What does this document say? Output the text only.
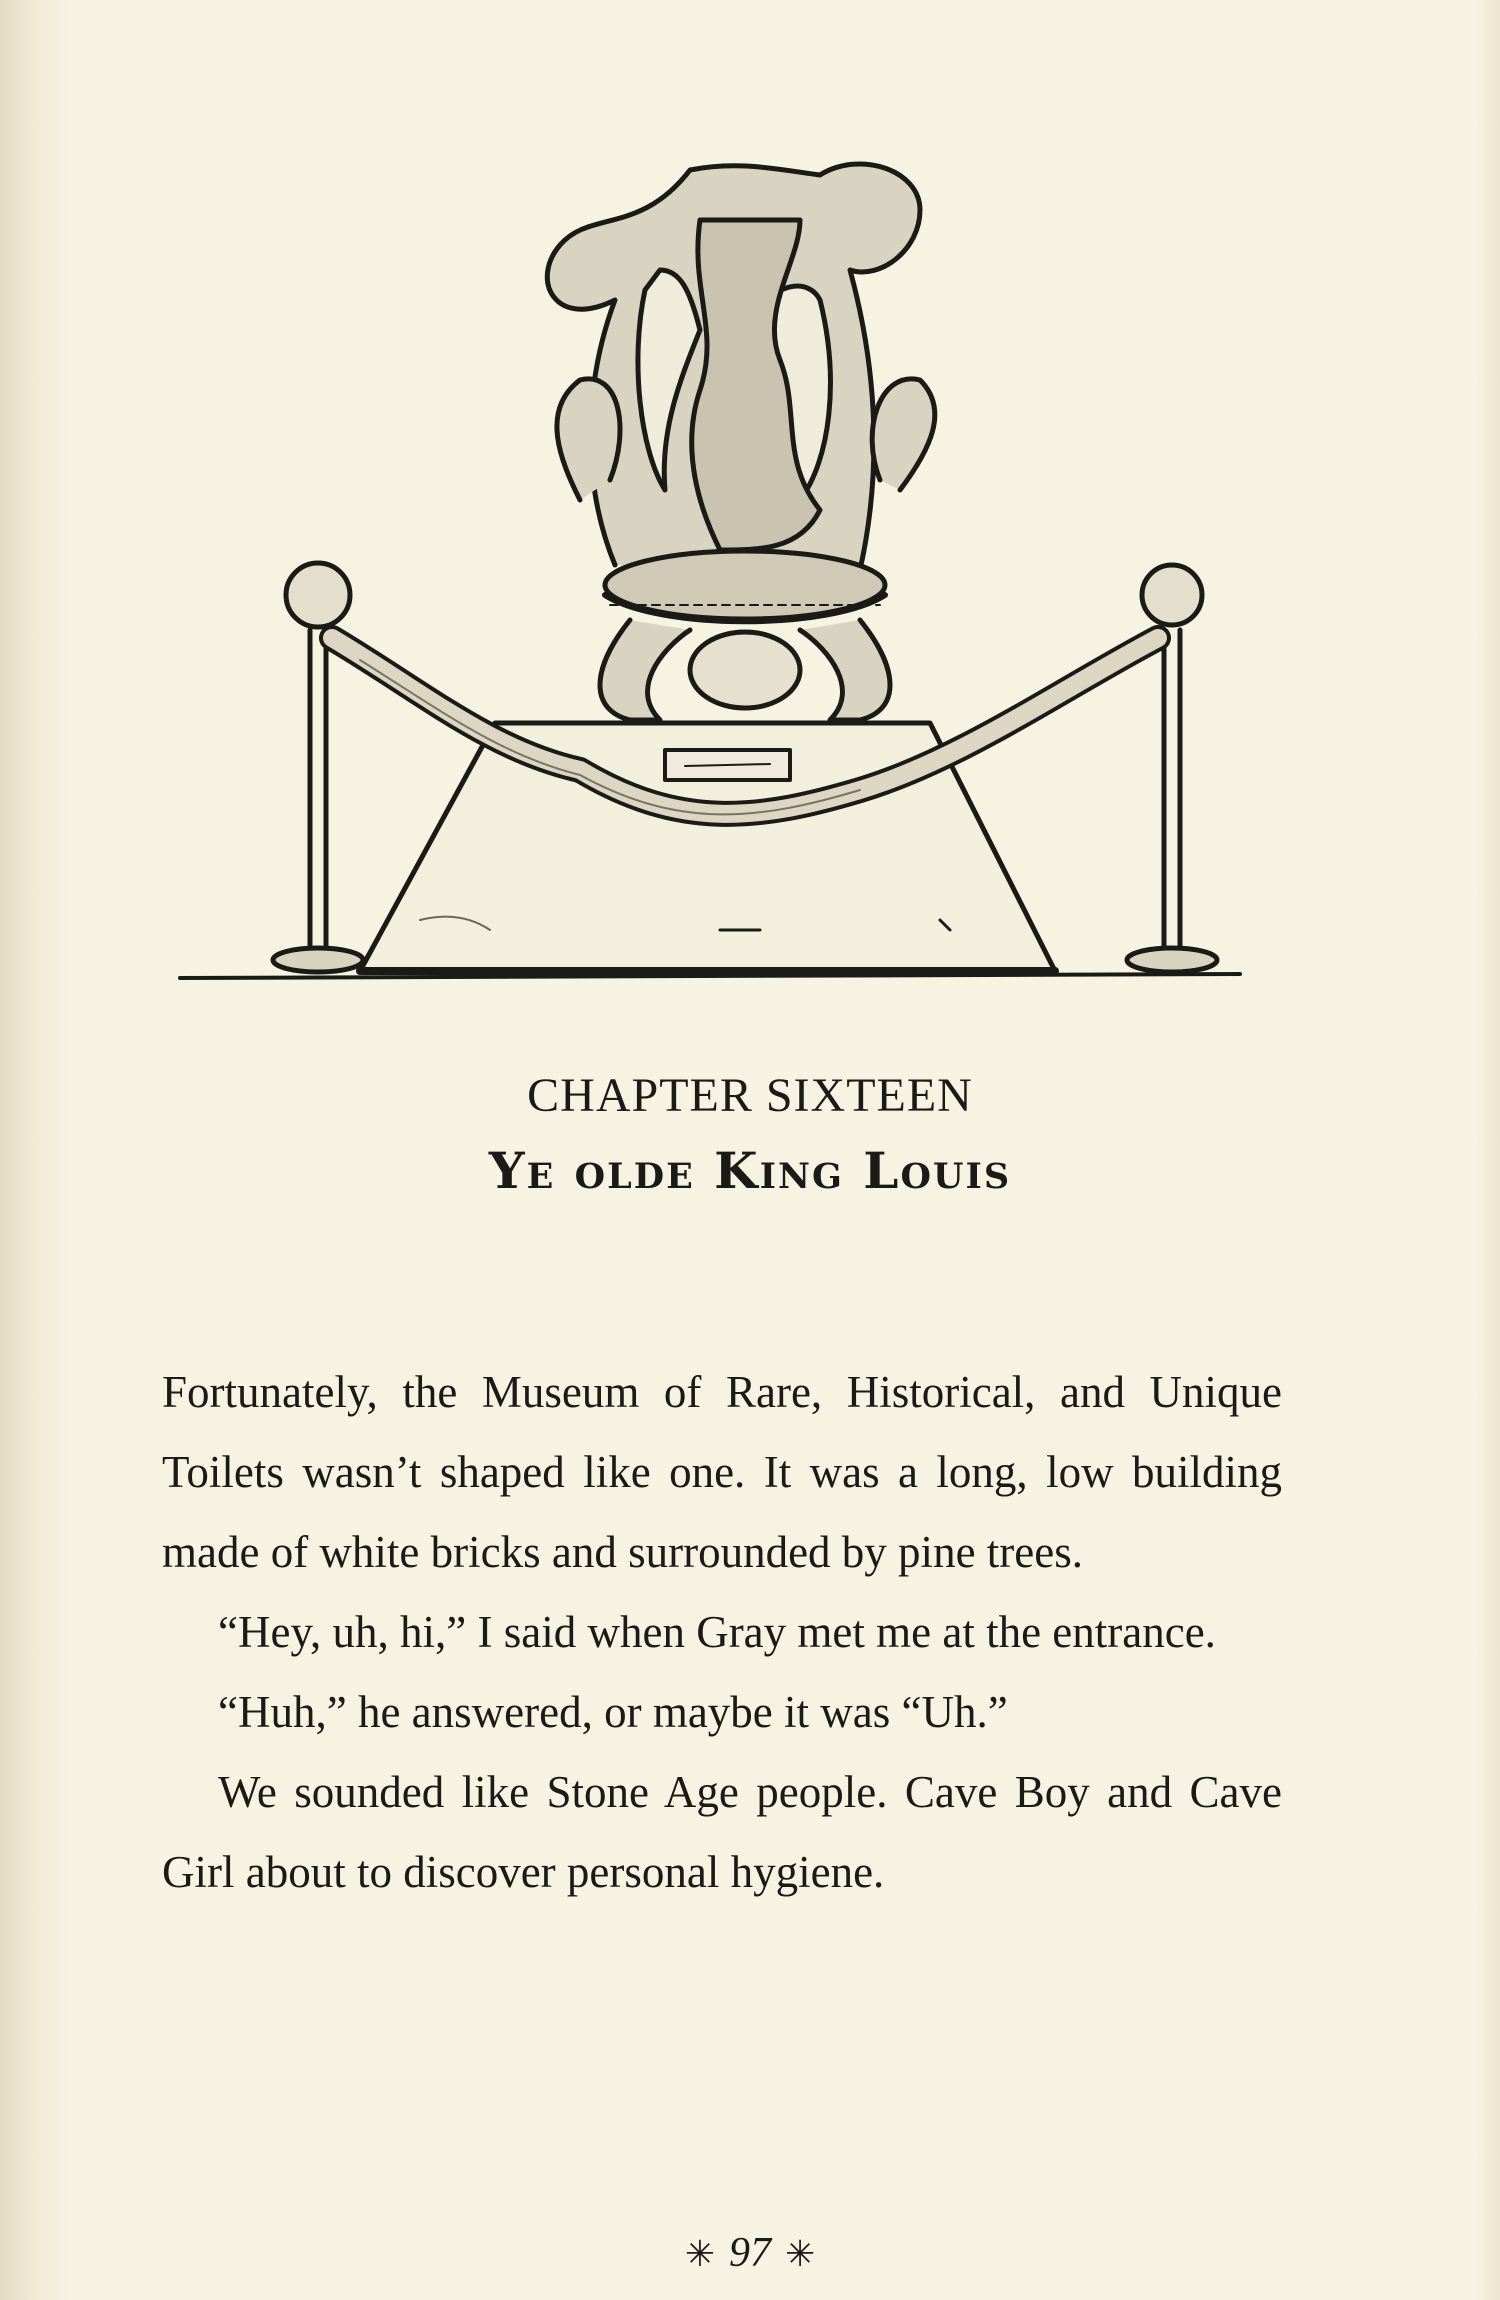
CHAPTER SIXTEEN
Ye olde King Louis

Fortunately, the Museum of Rare, Historical, and Unique Toilets wasn’t shaped like one. It was a long, low building made of white bricks and surrounded by pine trees.

“Hey, uh, hi,” I said when Gray met me at the entrance.

“Huh,” he answered, or maybe it was “Uh.”

We sounded like Stone Age people. Cave Boy and Cave Girl about to discover personal hygiene.

✳ 97 ✳
